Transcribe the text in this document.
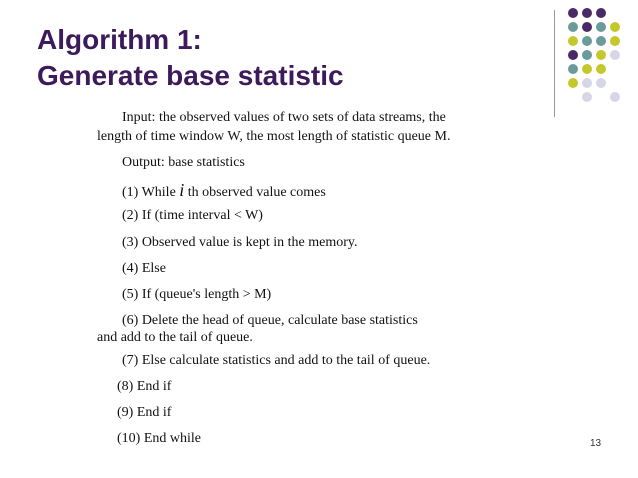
Algorithm 1:
Generate base statistic
Input: the observed values of two sets of data streams, the
length of time window W, the most length of statistic queue M.
Output: base statistics
(1) While i th observed value comes
(2) If (time interval < W)
(3) Observed value is kept in the memory.
(4) Else
(5) If (queue's length > M)
(6) Delete the head of queue, calculate base statistics
and add to the tail of queue.
(7) Else calculate statistics and add to the tail of queue.
(8) End if
(9) End if
(10) End while	13
